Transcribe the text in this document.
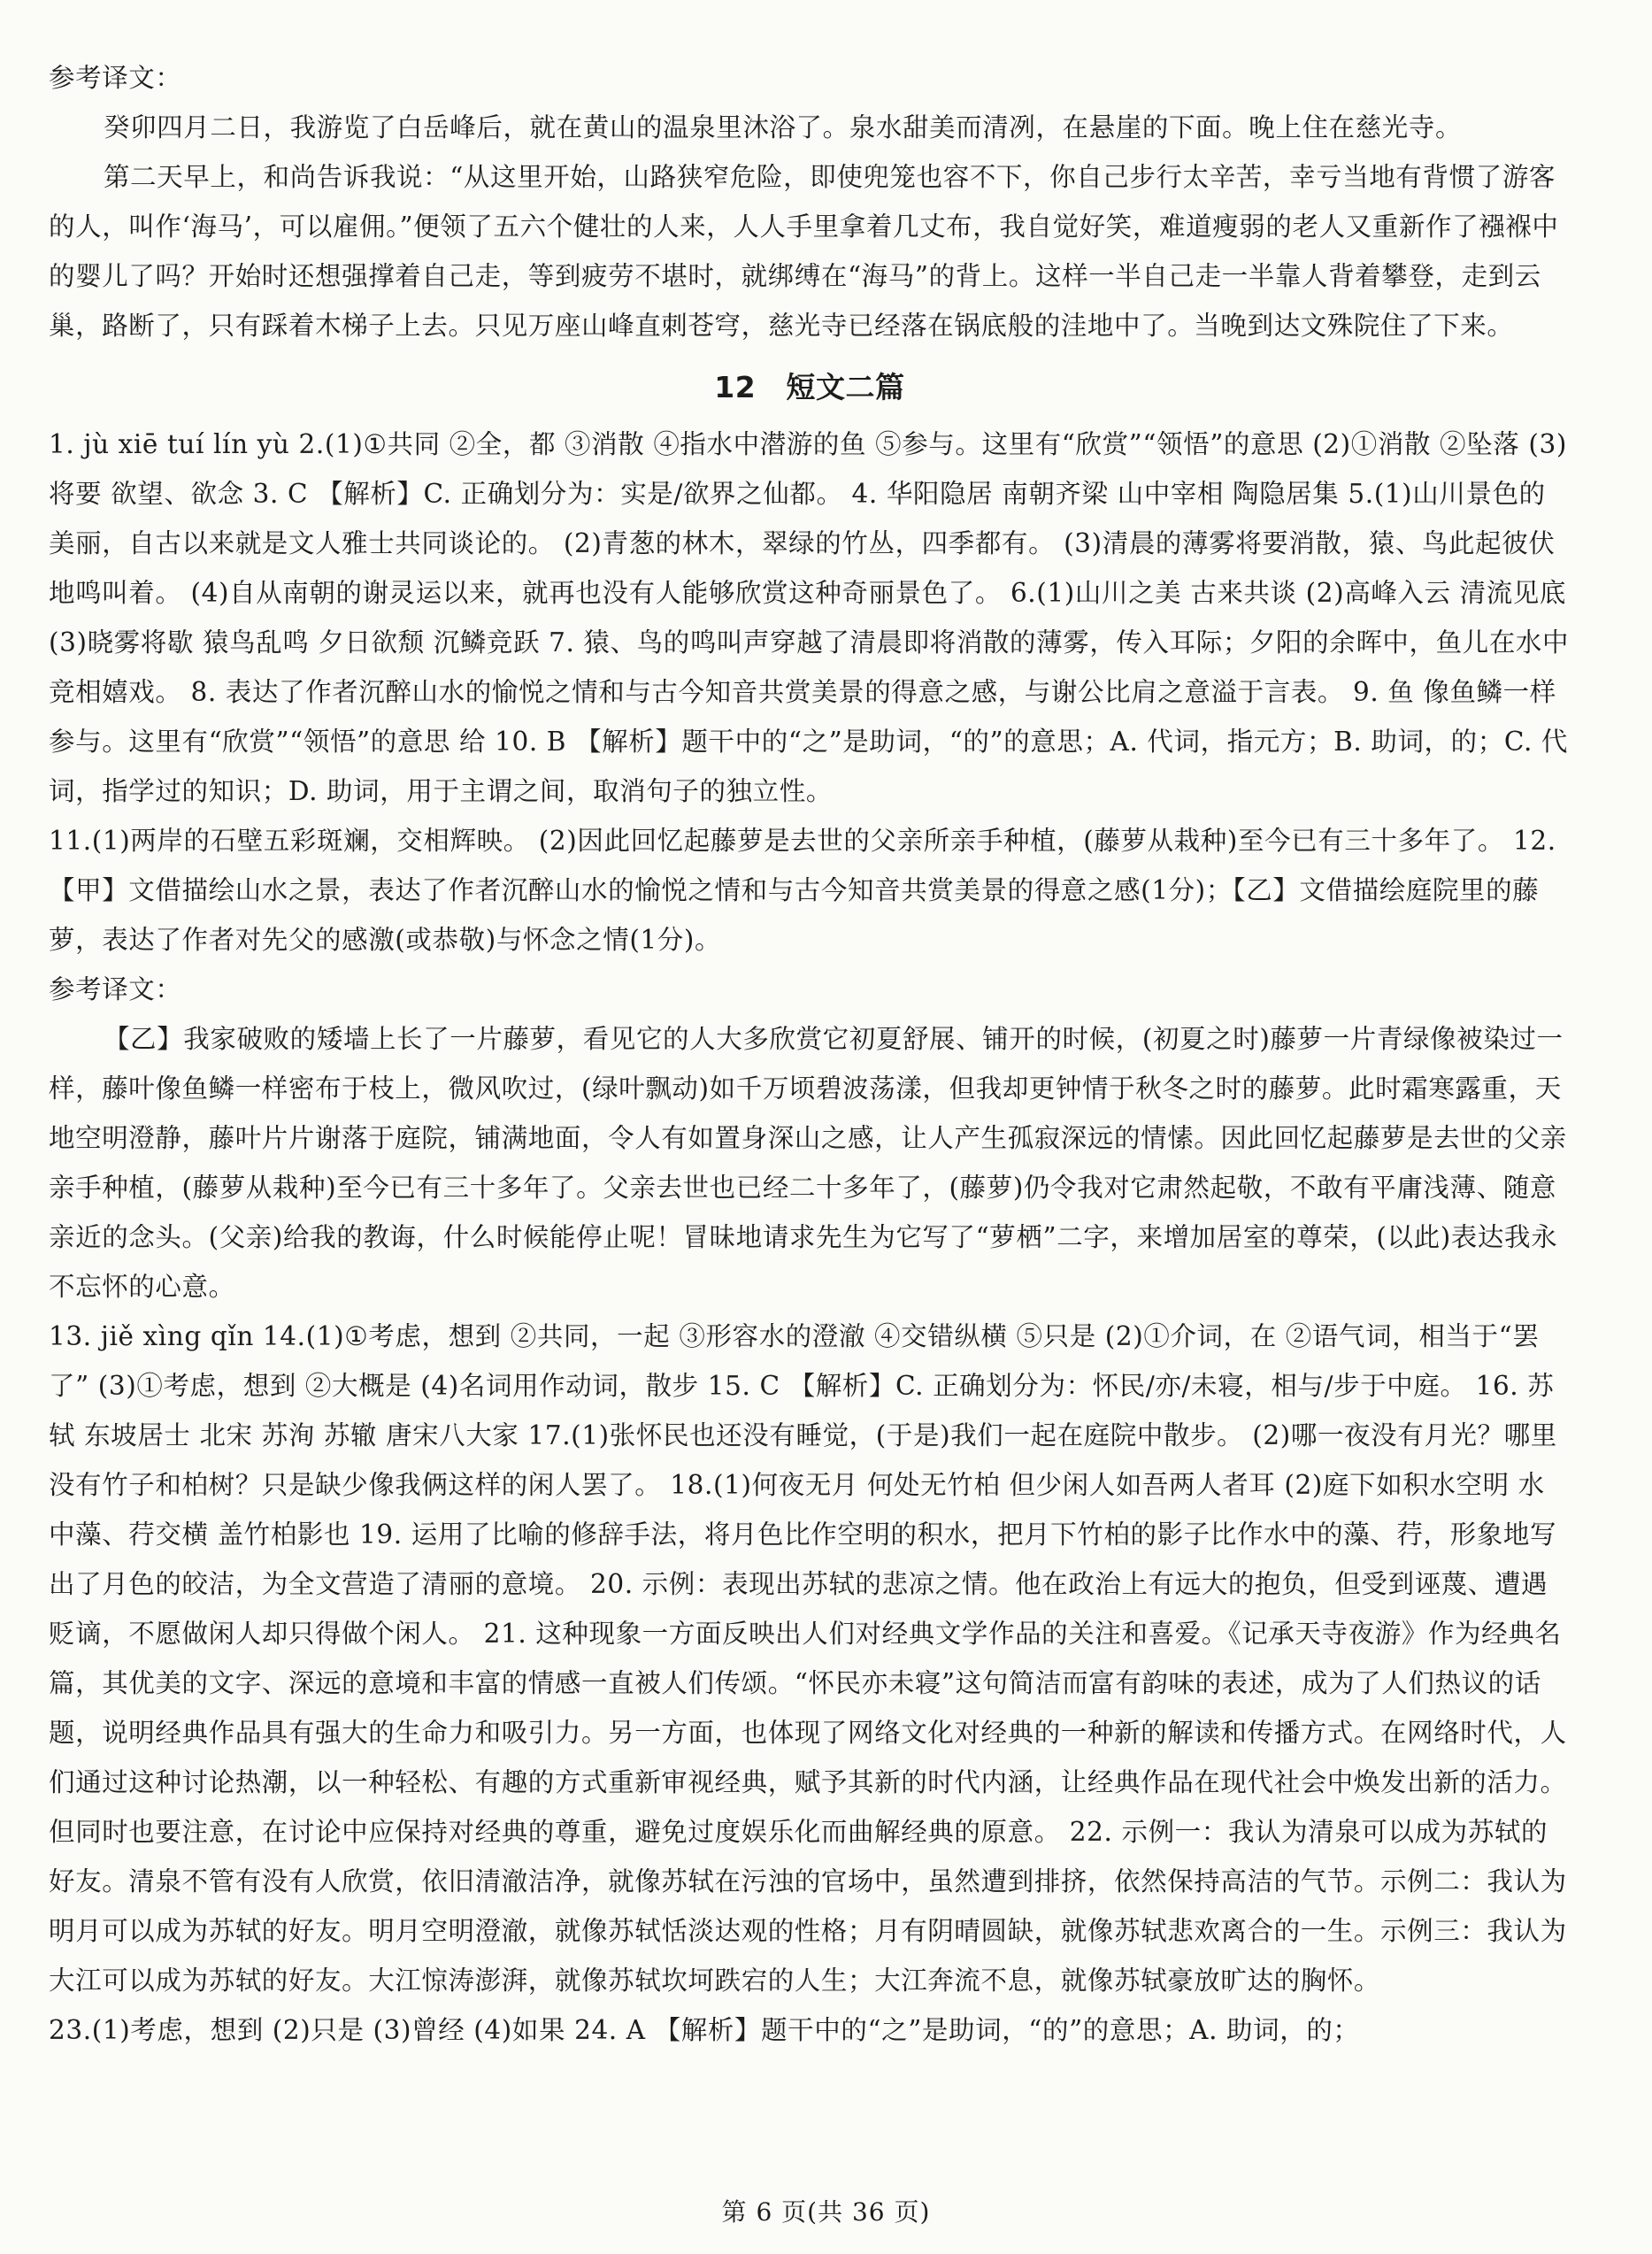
参考译文：

癸卯四月二日，我游览了白岳峰后，就在黄山的温泉里沐浴了。泉水甜美而清冽，在悬崖的下面。晚上住在慈光寺。

第二天早上，和尚告诉我说：“从这里开始，山路狭窄危险，即使兜笼也容不下，你自己步行太辛苦，幸亏当地有背惯了游客的人，叫作‘海马’，可以雇佣。”便领了五六个健壮的人来，人人手里拿着几丈布，我自觉好笑，难道瘦弱的老人又重新作了襁褓中的婴儿了吗？开始时还想强撑着自己走，等到疲劳不堪时，就绑缚在“海马”的背上。这样一半自己走一半靠人背着攀登，走到云巢，路断了，只有踩着木梯子上去。只见万座山峰直刺苍穹，慈光寺已经落在锅底般的洼地中了。当晚到达文殊院住了下来。

12 短文二篇

1. jù xiē tuí lín yù 2.(1)①共同 ②全，都 ③消散 ④指水中潜游的鱼 ⑤参与。这里有“欣赏”“领悟”的意思 (2)①消散 ②坠落 (3)将要 欲望、欲念 3. C 【解析】C. 正确划分为：实是/欲界之仙都。 4. 华阳隐居 南朝齐梁 山中宰相 陶隐居集 5.(1)山川景色的美丽，自古以来就是文人雅士共同谈论的。 (2)青葱的林木，翠绿的竹丛，四季都有。 (3)清晨的薄雾将要消散，猿、鸟此起彼伏地鸣叫着。 (4)自从南朝的谢灵运以来，就再也没有人能够欣赏这种奇丽景色了。 6.(1)山川之美 古来共谈 (2)高峰入云 清流见底 (3)晓雾将歇 猿鸟乱鸣 夕日欲颓 沉鳞竞跃 7. 猿、鸟的鸣叫声穿越了清晨即将消散的薄雾，传入耳际；夕阳的余晖中，鱼儿在水中竞相嬉戏。 8. 表达了作者沉醉山水的愉悦之情和与古今知音共赏美景的得意之感，与谢公比肩之意溢于言表。 9. 鱼 像鱼鳞一样 参与。这里有“欣赏”“领悟”的意思 给 10. B 【解析】题干中的“之”是助词，“的”的意思；A. 代词，指元方；B. 助词，的；C. 代词，指学过的知识；D. 助词，用于主谓之间，取消句子的独立性。

11.(1)两岸的石壁五彩斑斓，交相辉映。 (2)因此回忆起藤萝是去世的父亲所亲手种植，(藤萝从栽种)至今已有三十多年了。 12.【甲】文借描绘山水之景，表达了作者沉醉山水的愉悦之情和与古今知音共赏美景的得意之感(1分)；【乙】文借描绘庭院里的藤萝，表达了作者对先父的感激(或恭敬)与怀念之情(1分)。

参考译文：

【乙】我家破败的矮墙上长了一片藤萝，看见它的人大多欣赏它初夏舒展、铺开的时候，(初夏之时)藤萝一片青绿像被染过一样，藤叶像鱼鳞一样密布于枝上，微风吹过，(绿叶飘动)如千万顷碧波荡漾，但我却更钟情于秋冬之时的藤萝。此时霜寒露重，天地空明澄静，藤叶片片谢落于庭院，铺满地面，令人有如置身深山之感，让人产生孤寂深远的情愫。因此回忆起藤萝是去世的父亲亲手种植，(藤萝从栽种)至今已有三十多年了。父亲去世也已经二十多年了，(藤萝)仍令我对它肃然起敬，不敢有平庸浅薄、随意亲近的念头。(父亲)给我的教诲，什么时候能停止呢！冒昧地请求先生为它写了“萝栖”二字，来增加居室的尊荣，(以此)表达我永不忘怀的心意。

13. jiě xìng qǐn 14.(1)①考虑，想到 ②共同，一起 ③形容水的澄澈 ④交错纵横 ⑤只是 (2)①介词，在 ②语气词，相当于“罢了” (3)①考虑，想到 ②大概是 (4)名词用作动词，散步 15. C 【解析】C. 正确划分为：怀民/亦/未寝，相与/步于中庭。 16. 苏轼 东坡居士 北宋 苏洵 苏辙 唐宋八大家 17.(1)张怀民也还没有睡觉，(于是)我们一起在庭院中散步。 (2)哪一夜没有月光？哪里没有竹子和柏树？只是缺少像我俩这样的闲人罢了。 18.(1)何夜无月 何处无竹柏 但少闲人如吾两人者耳 (2)庭下如积水空明 水中藻、荇交横 盖竹柏影也 19. 运用了比喻的修辞手法，将月色比作空明的积水，把月下竹柏的影子比作水中的藻、荇，形象地写出了月色的皎洁，为全文营造了清丽的意境。 20. 示例：表现出苏轼的悲凉之情。他在政治上有远大的抱负，但受到诬蔑、遭遇贬谪，不愿做闲人却只得做个闲人。 21. 这种现象一方面反映出人们对经典文学作品的关注和喜爱。《记承天寺夜游》作为经典名篇，其优美的文字、深远的意境和丰富的情感一直被人们传颂。“怀民亦未寝”这句简洁而富有韵味的表述，成为了人们热议的话题，说明经典作品具有强大的生命力和吸引力。另一方面，也体现了网络文化对经典的一种新的解读和传播方式。在网络时代，人们通过这种讨论热潮，以一种轻松、有趣的方式重新审视经典，赋予其新的时代内涵，让经典作品在现代社会中焕发出新的活力。但同时也要注意，在讨论中应保持对经典的尊重，避免过度娱乐化而曲解经典的原意。 22. 示例一：我认为清泉可以成为苏轼的好友。清泉不管有没有人欣赏，依旧清澈洁净，就像苏轼在污浊的官场中，虽然遭到排挤，依然保持高洁的气节。示例二：我认为明月可以成为苏轼的好友。明月空明澄澈，就像苏轼恬淡达观的性格；月有阴晴圆缺，就像苏轼悲欢离合的一生。示例三：我认为大江可以成为苏轼的好友。大江惊涛澎湃，就像苏轼坎坷跌宕的人生；大江奔流不息，就像苏轼豪放旷达的胸怀。

23.(1)考虑，想到 (2)只是 (3)曾经 (4)如果 24. A 【解析】题干中的“之”是助词，“的”的意思；A. 助词，的；

第 6 页(共 36 页)
